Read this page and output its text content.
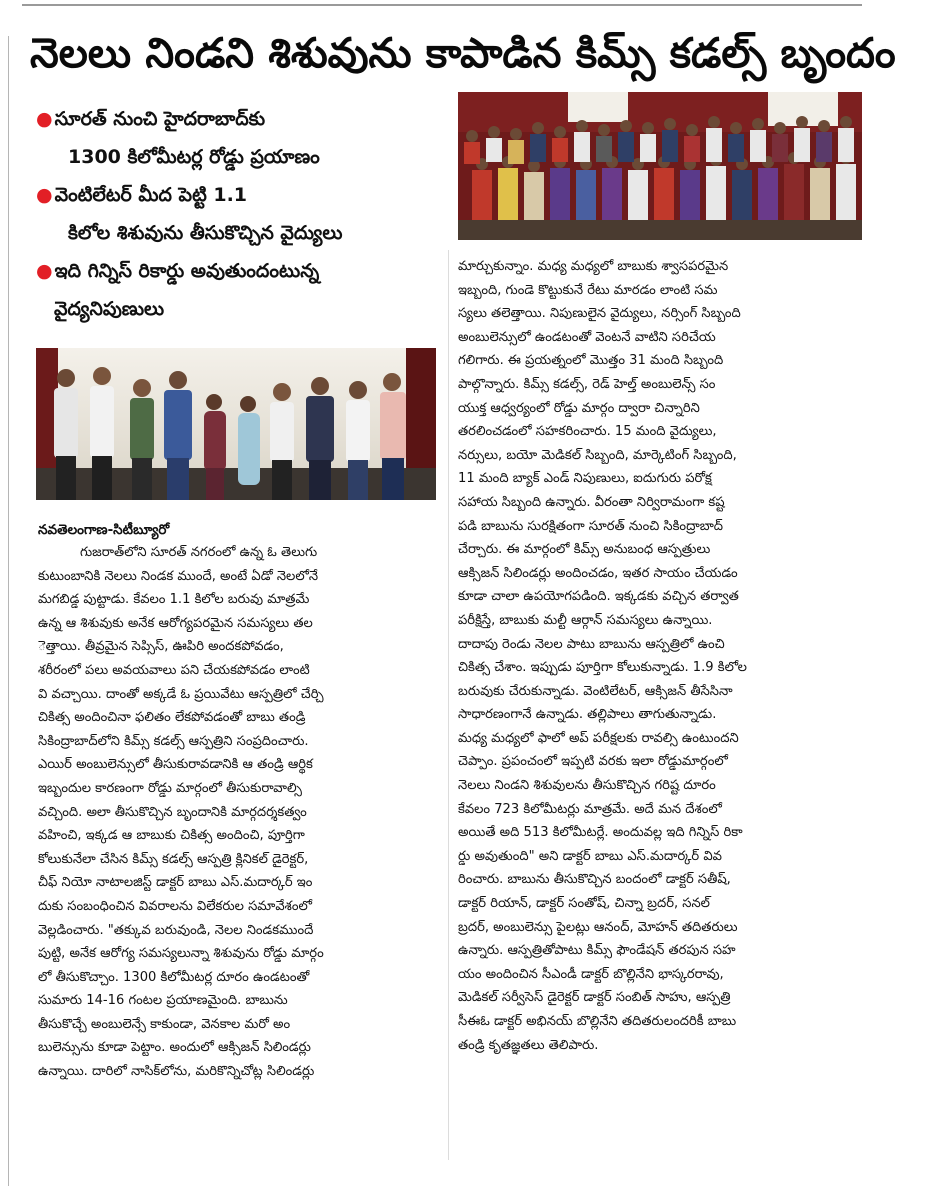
నెలలు నిండని శిశువును కాపాడిన కిమ్స్ కడల్స్ బృందం
● సూరత్ నుంచి హైదరాబాద్‌కు
1300 కిలోమీటర్ల రోడ్డు ప్రయాణం
● వెంటిలేటర్ మీద పెట్టి 1.1
కిలోల శిశువును తీసుకొచ్చిన వైద్యులు
● ఇది గిన్నిస్ రికార్డు అవుతుందంటున్న
వైద్యనిపుణులు
నవతెలంగాణ-సిటీబ్యూరో
గుజరాత్‌లోని సూరత్ నగరంలో ఉన్న ఓ తెలుగు
కుటుంబానికి నెలలు నిండక ముందే, అంటే ఏడో నెలలోనే
మగబిడ్డ పుట్టాడు. కేవలం 1.1 కిలోల బరువు మాత్రమే
ఉన్న ఆ శిశువుకు అనేక ఆరోగ్యపరమైన సమస్యలు తల
ెత్తాయి. తీవ్రమైన సెప్సిస్, ఊపిరి అందకపోవడం,
శరీరంలో పలు అవయవాలు పని చేయకపోవడం లాంటి
వి వచ్చాయి. దాంతో అక్కడే ఓ ప్రయివేటు ఆస్పత్రిలో చేర్చి
చికిత్స అందించినా ఫలితం లేకపోవడంతో బాబు తండ్రి
సికింద్రాబాద్‌లోని కిమ్స్ కడల్స్ ఆస్పత్రిని సంప్రదించారు.
ఎయిర్ అంబులెన్సులో తీసుకురావడానికి ఆ తండ్రి ఆర్థిక
ఇబ్బందుల కారణంగా రోడ్డు మార్గంలో తీసుకురావాల్సి
వచ్చింది. అలా తీసుకొచ్చిన బృందానికి మార్గదర్శకత్వం
వహించి, ఇక్కడ ఆ బాబుకు చికిత్స అందించి, పూర్తిగా
కోలుకునేలా చేసిన కిమ్స్ కడల్స్ ఆస్పత్రి క్లినికల్ డైరెక్టర్,
చీఫ్ నియో నాటాలజిస్ట్ డాక్టర్ బాబు ఎస్.మదార్కర్ ఇం
దుకు సంబంధించిన వివరాలను విలేకరుల సమావేశంలో
వెల్లడించారు. "తక్కువ బరువుండి, నెలల నిండకముందే
పుట్టి, అనేక ఆరోగ్య సమస్యలున్నా శిశువును రోడ్డు మార్గం
లో తీసుకొచ్చాం. 1300 కిలోమీటర్ల దూరం ఉండటంతో
సుమారు 14-16 గంటల ప్రయాణమైంది. బాబును
తీసుకొచ్చే అంబులెన్సే కాకుండా, వెనకాల మరో అం
బులెన్సును కూడా పెట్టాం. అందులో ఆక్సిజన్ సిలిండర్లు
ఉన్నాయి. దారిలో నాసిక్‌లోను, మరికొన్నిచోట్ల సిలిండర్లు
మార్చుకున్నాం. మధ్య మధ్యలో బాబుకు శ్వాసపరమైన
ఇబ్బంది, గుండె కొట్టుకునే రేటు మారడం లాంటి సమ
స్యలు తలెత్తాయి. నిపుణులైన వైద్యులు, నర్సింగ్ సిబ్బంది
అంబులెన్సులో ఉండటంతో వెంటనే వాటిని సరిచేయ
గలిగారు. ఈ ప్రయత్నంలో మొత్తం 31 మంది సిబ్బంది
పాల్గొన్నారు. కిమ్స్ కడల్స్, రెడ్ హెల్త్ అంబులెన్స్ సం
యుక్త ఆధ్వర్యంలో రోడ్డు మార్గం ద్వారా చిన్నారిని
తరలించడంలో సహకరించారు. 15 మంది వైద్యులు,
నర్సులు, బయో మెడికల్ సిబ్బంది, మార్కెటింగ్ సిబ్బంది,
11 మంది బ్యాక్ ఎండ్ నిపుణులు, ఐదుగురు పరోక్ష
సహాయ సిబ్బంది ఉన్నారు. వీరంతా నిర్విరామంగా కష్ట
పడి బాబును సురక్షితంగా సూరత్ నుంచి సికింద్రాబాద్
చేర్చారు. ఈ మార్గంలో కిమ్స్ అనుబంధ ఆస్పత్రులు
ఆక్సిజన్ సిలిండర్లు అందించడం, ఇతర సాయం చేయడం
కూడా చాలా ఉపయోగపడింది. ఇక్కడకు వచ్చిన తర్వాత
పరీక్షిస్తే, బాబుకు మల్టీ ఆర్గాన్ సమస్యలు ఉన్నాయి.
దాదాపు రెండు నెలల పాటు బాబును ఆస్పత్రిలో ఉంచి
చికిత్స చేశాం. ఇప్పుడు పూర్తిగా కోలుకున్నాడు. 1.9 కిలోల
బరువుకు చేరుకున్నాడు. వెంటిలేటర్, ఆక్సిజన్ తీసేసినా
సాధారణంగానే ఉన్నాడు. తల్లిపాలు తాగుతున్నాడు.
మధ్య మధ్యలో ఫాలో అప్ పరీక్షలకు రావల్సి ఉంటుందని
చెప్పాం. ప్రపంచంలో ఇప్పటి వరకు ఇలా రోడ్డుమార్గంలో
నెలలు నిండని శిశువులను తీసుకొచ్చిన గరిష్ట దూరం
కేవలం 723 కిలోమీటర్లు మాత్రమే. అదే మన దేశంలో
అయితే అది 513 కిలోమీటర్లే. అందువల్ల ఇది గిన్నిస్ రికా
ర్డు అవుతుంది" అని డాక్టర్ బాబు ఎస్.మదార్కర్ వివ
రించారు. బాబును తీసుకొచ్చిన బందంలో డాక్టర్ సతీష్,
డాక్టర్ రియాన్, డాక్టర్ సంతోష్, చిన్నా బ్రదర్, సనల్
బ్రదర్, అంబులెన్సు పైలట్లు ఆనంద్, మోహన్ తదితరులు
ఉన్నారు. ఆస్పత్రితోపాటు కిమ్స్ ఫౌండేషన్ తరపున సహ
యం అందించిన సీఎండీ డాక్టర్ బొల్లినేని భాస్కరరావు,
మెడికల్ సర్వీసెస్ డైరెక్టర్ డాక్టర్ సంబిత్ సాహు, ఆస్పత్రి
సీఈఓ డాక్టర్ అభినయ్ బొల్లినేని తదితరులందరికీ బాబు
తండ్రి కృతజ్ఞతలు తెలిపారు.
